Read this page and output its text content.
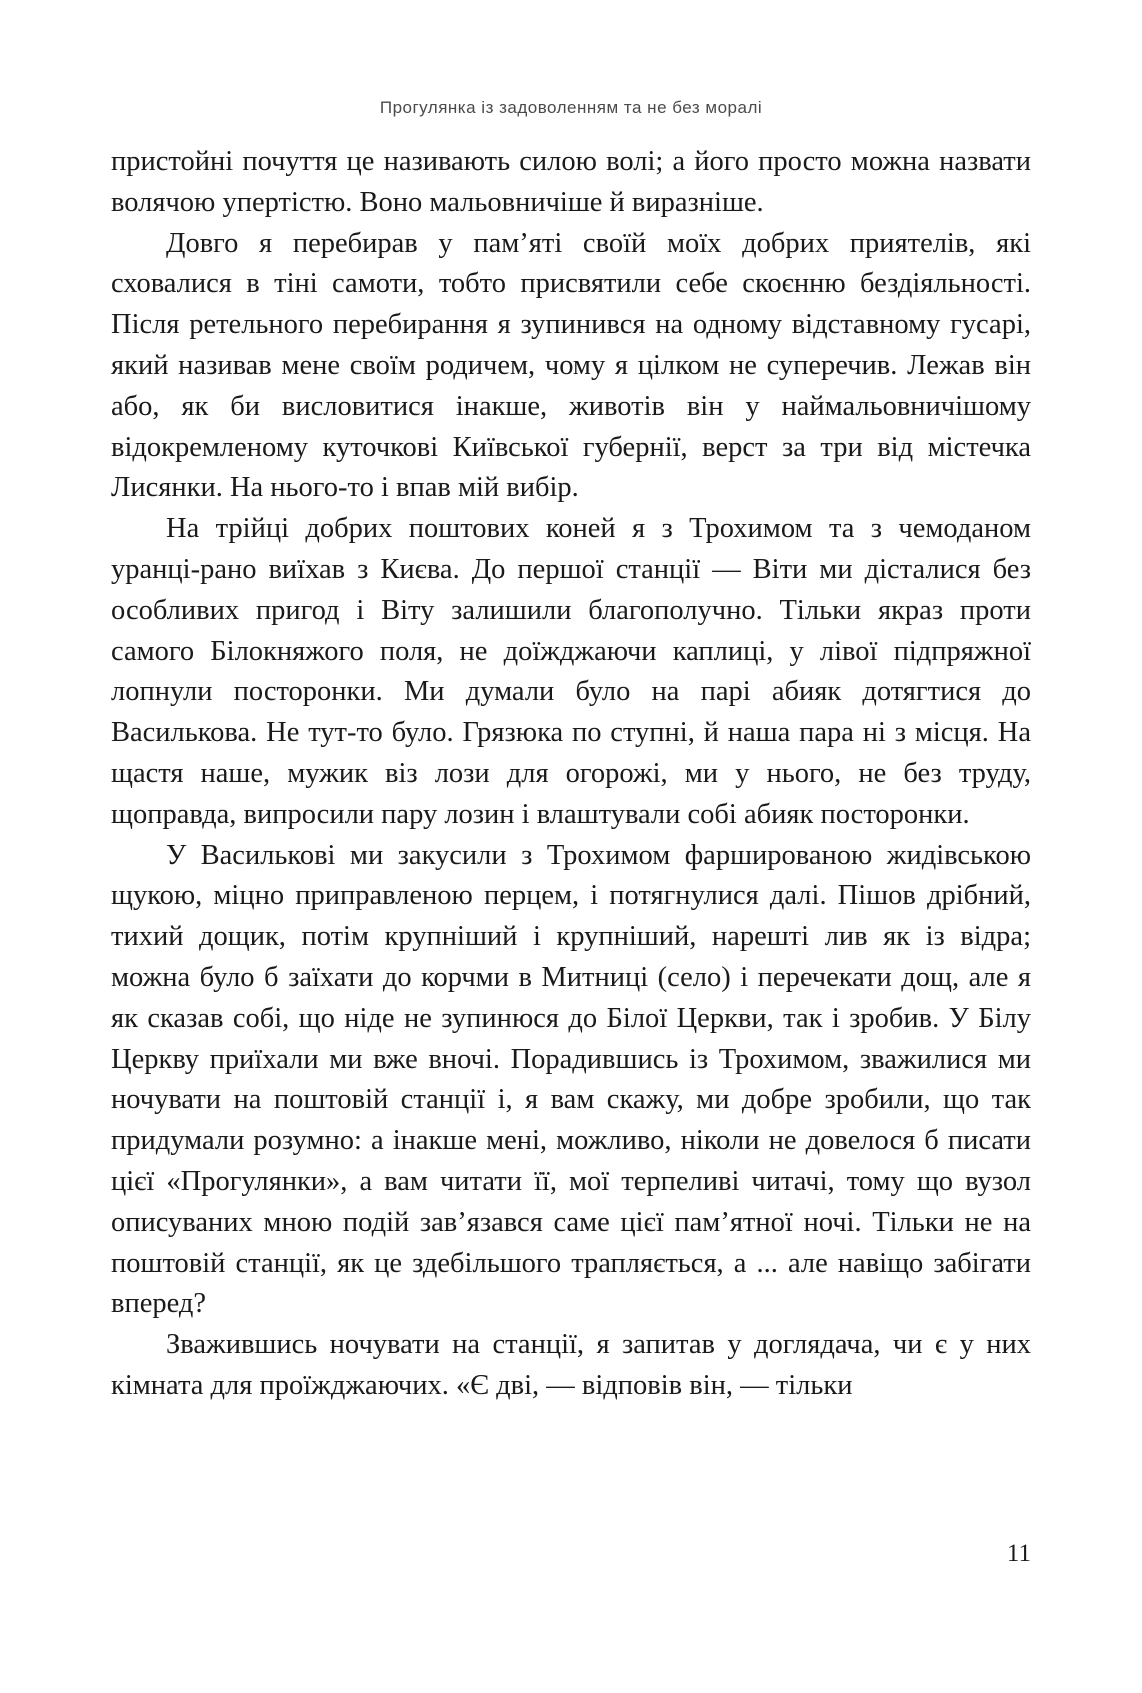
Прогулянка із задоволенням та не без моралі

пристойні почуття це називають силою волі; а його просто можна назвати волячою упертістю. Воно мальовничіше й виразніше.

Довго я перебирав у пам’яті своїй моїх добрих приятелів, які сховалися в тіні самоти, тобто присвятили себе скоєнню бездіяльності. Після ретельного перебирання я зупинився на одному відставному гусарі, який називав мене своїм родичем, чому я цілком не суперечив. Лежав він або, як би висловитися інакше, животів він у наймальовничішому відокремленому куточкові Київської губернії, верст за три від містечка Лисянки. На нього-то і впав мій вибір.

На трійці добрих поштових коней я з Трохимом та з чемоданом уранці-рано виїхав з Києва. До першої станції — Віти ми дісталися без особливих пригод і Віту залишили благополучно. Тільки якраз проти самого Білокняжого поля, не доїжджаючи каплиці, у лівої підпряжної лопнули посторонки. Ми думали було на парі абияк дотягтися до Василькова. Не тут-то було. Грязюка по ступні, й наша пара ні з місця. На щастя наше, мужик віз лози для огорожі, ми у нього, не без труду, щоправда, випросили пару лозин і влаштували собі абияк посторонки.

У Василькові ми закусили з Трохимом фаршированою жидівською щукою, міцно приправленою перцем, і потягнулися далі. Пішов дрібний, тихий дощик, потім крупніший і крупніший, нарешті лив як із відра; можна було б заїхати до корчми в Митниці (село) і перечекати дощ, але я як сказав собі, що ніде не зупинюся до Білої Церкви, так і зробив. У Білу Церкву приїхали ми вже вночі. Порадившись із Трохимом, зважилися ми ночувати на поштовій станції і, я вам скажу, ми добре зробили, що так придумали розумно: а інакше мені, можливо, ніколи не довелося б писати цієї «Прогулянки», а вам читати її, мої терпеливі читачі, тому що вузол описуваних мною подій зав’язався саме цієї пам’ятної ночі. Тільки не на поштовій станції, як це здебільшого трапляється, а ... але навіщо забігати вперед?

Зважившись ночувати на станції, я запитав у доглядача, чи є у них кімната для проїжджаючих. «Є дві, — відповів він, — тільки

11
